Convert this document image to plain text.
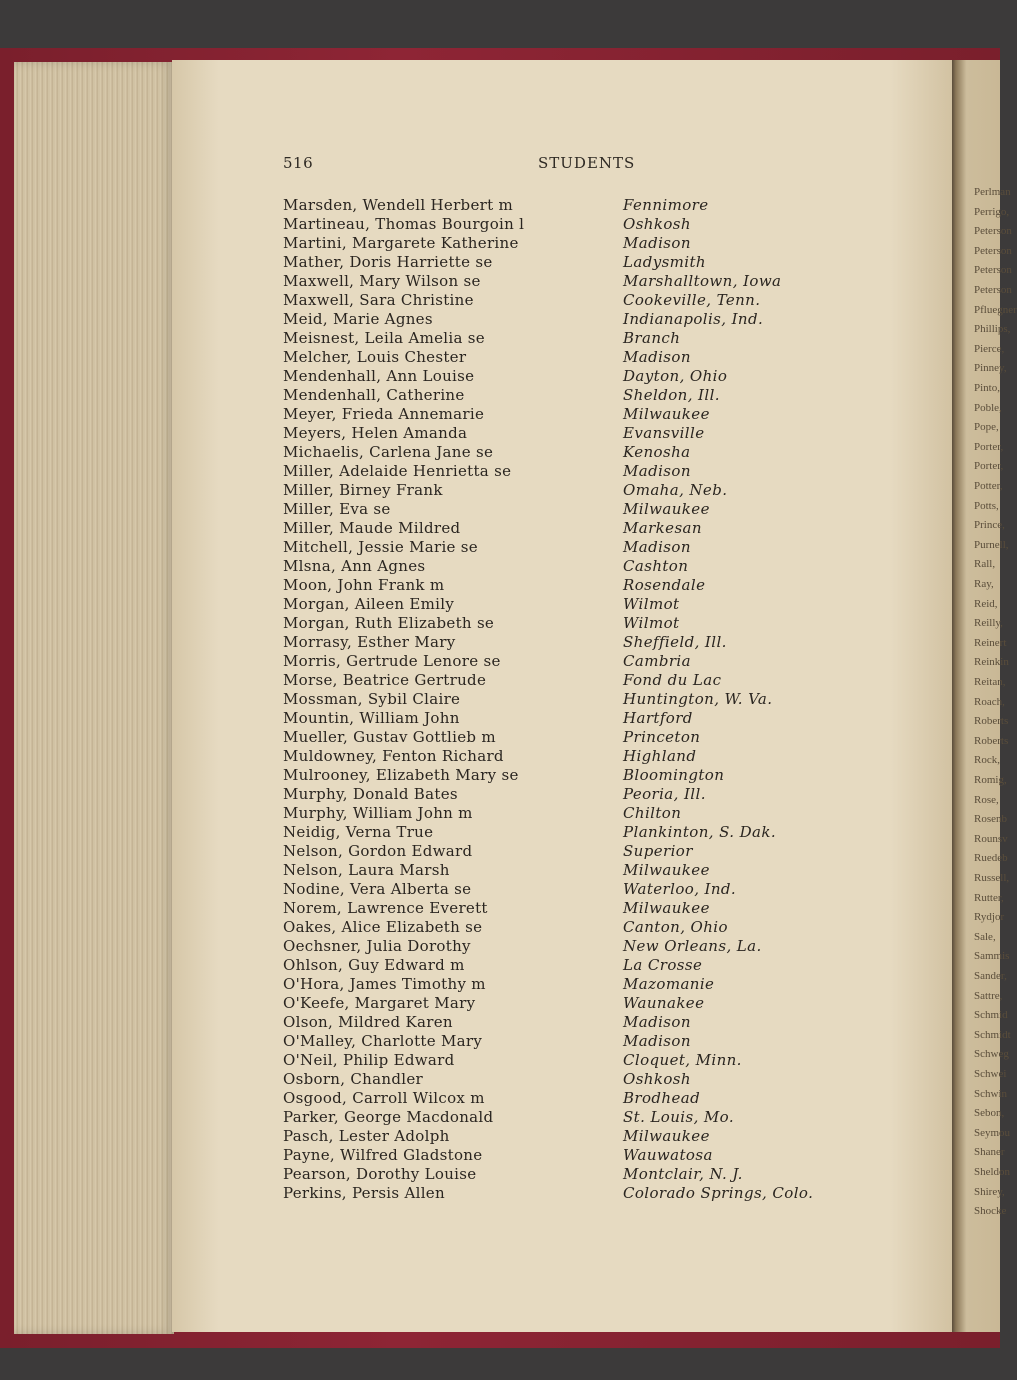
Perlman
Perrigo,
Peterson
Peterson
Peterson
Peterson
Pfluegner
Phillips,
Pierce,
Pinney,
Pinto,
Poble,
Pope,
Porter,
Porter,
Potter,
Potts,
Prince,
Purnell,
Rall,
Ray,
Reid,
Reilly,
Reinert
Reinkin
Reitan,
Roach,
Roberts
Roberts
Rock,
Romig,
Rose,
Rosenb
Rounsv
Ruedeb
Russell,
Rutter,
Rydjor
Sale,
Sammis
Sander,
Sattre,
Schmid
Schmidt
Schweg
Schwei
Schwin
Sebon,
Seymou
Shaner
Sheldon
Shirey,
Shocke
516	STUDENTS
Marsden, Wendell Herbert m	Fennimore
Martineau, Thomas Bourgoin l	Oshkosh
Martini, Margarete Katherine	Madison
Mather, Doris Harriette se	Ladysmith
Maxwell, Mary Wilson se	Marshalltown, Iowa
Maxwell, Sara Christine	Cookeville, Tenn.
Meid, Marie Agnes	Indianapolis, Ind.
Meisnest, Leila Amelia se	Branch
Melcher, Louis Chester	Madison
Mendenhall, Ann Louise	Dayton, Ohio
Mendenhall, Catherine	Sheldon, Ill.
Meyer, Frieda Annemarie	Milwaukee
Meyers, Helen Amanda	Evansville
Michaelis, Carlena Jane se	Kenosha
Miller, Adelaide Henrietta se	Madison
Miller, Birney Frank	Omaha, Neb.
Miller, Eva se	Milwaukee
Miller, Maude Mildred	Markesan
Mitchell, Jessie Marie se	Madison
Mlsna, Ann Agnes	Cashton
Moon, John Frank m	Rosendale
Morgan, Aileen Emily	Wilmot
Morgan, Ruth Elizabeth se	Wilmot
Morrasy, Esther Mary	Sheffield, Ill.
Morris, Gertrude Lenore se	Cambria
Morse, Beatrice Gertrude	Fond du Lac
Mossman, Sybil Claire	Huntington, W. Va.
Mountin, William John	Hartford
Mueller, Gustav Gottlieb m	Princeton
Muldowney, Fenton Richard	Highland
Mulrooney, Elizabeth Mary se	Bloomington
Murphy, Donald Bates	Peoria, Ill.
Murphy, William John m	Chilton
Neidig, Verna True	Plankinton, S. Dak.
Nelson, Gordon Edward	Superior
Nelson, Laura Marsh	Milwaukee
Nodine, Vera Alberta se	Waterloo, Ind.
Norem, Lawrence Everett	Milwaukee
Oakes, Alice Elizabeth se	Canton, Ohio
Oechsner, Julia Dorothy	New Orleans, La.
Ohlson, Guy Edward m	La Crosse
O'Hora, James Timothy m	Mazomanie
O'Keefe, Margaret Mary	Waunakee
Olson, Mildred Karen	Madison
O'Malley, Charlotte Mary	Madison
O'Neil, Philip Edward	Cloquet, Minn.
Osborn, Chandler	Oshkosh
Osgood, Carroll Wilcox m	Brodhead
Parker, George Macdonald	St. Louis, Mo.
Pasch, Lester Adolph	Milwaukee
Payne, Wilfred Gladstone	Wauwatosa
Pearson, Dorothy Louise	Montclair, N. J.
Perkins, Persis Allen	Colorado Springs, Colo.
